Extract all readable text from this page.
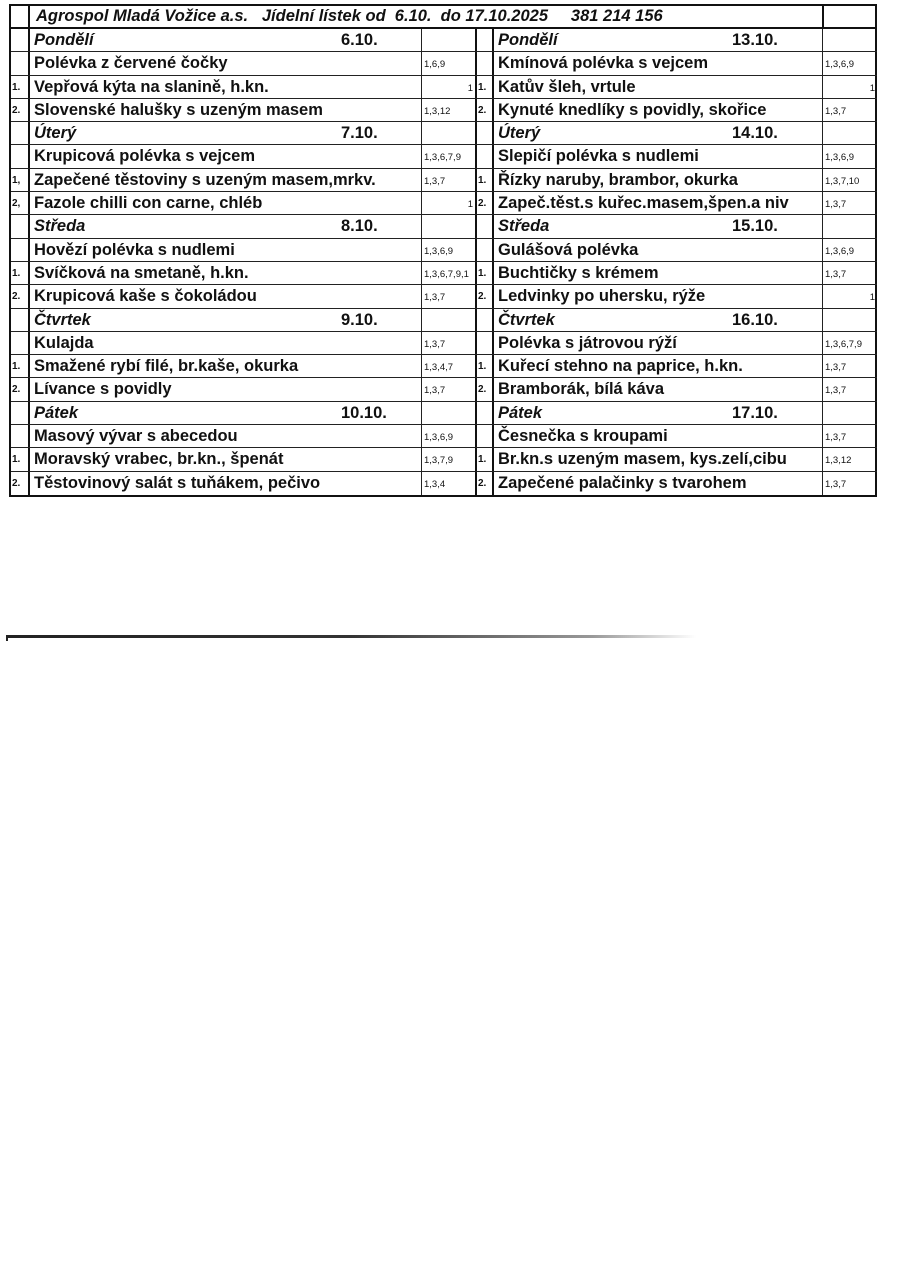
Agrospol Mladá Vožice a.s.   Jídelní lístek od  6.10.  do 17.10.2025     381 214 156
Pondělí	6.10.
Polévka z červené čočky	1,6,9
1. Vepřová kýta na slanině, h.kn.	1
2. Slovenské halušky s uzeným masem	1,3,12
Úterý	7.10.
Krupicová polévka s vejcem	1,3,6,7,9
1, Zapečené těstoviny s uzeným masem,mrkv.	1,3,7
2, Fazole chilli con carne, chléb	1
Středa	8.10.
Hovězí polévka s nudlemi	1,3,6,9
1. Svíčková na smetaně, h.kn.	1,3,6,7,9,1
2. Krupicová kaše s čokoládou	1,3,7
Čtvrtek	9.10.
Kulajda	1,3,7
1. Smažené rybí filé, br.kaše, okurka	1,3,4,7
2. Lívance s povidly	1,3,7
Pátek	10.10.
Masový vývar s abecedou	1,3,6,9
1. Moravský vrabec, br.kn., špenát	1,3,7,9
2. Těstovinový salát s tuňákem, pečivo	1,3,4
Pondělí	13.10.
Kmínová polévka s vejcem	1,3,6,9
1. Katův šleh, vrtule	1
2. Kynuté knedlíky s povidly, skořice	1,3,7
Úterý	14.10.
Slepičí polévka s nudlemi	1,3,6,9
1. Řízky naruby, brambor, okurka	1,3,7,10
2. Zapeč.těst.s kuřec.masem,špen.a niv	1,3,7
Středa	15.10.
Gulášová polévka	1,3,6,9
1. Buchtičky s krémem	1,3,7
2. Ledvinky po uhersku, rýže	1
Čtvrtek	16.10.
Polévka s játrovou rýží	1,3,6,7,9
1. Kuřecí stehno na paprice, h.kn.	1,3,7
2. Bramborák, bílá káva	1,3,7
Pátek	17.10.
Česnečka s kroupami	1,3,7
1. Br.kn.s uzeným masem, kys.zelí,cibu	1,3,12
2. Zapečené palačinky s tvarohem	1,3,7
